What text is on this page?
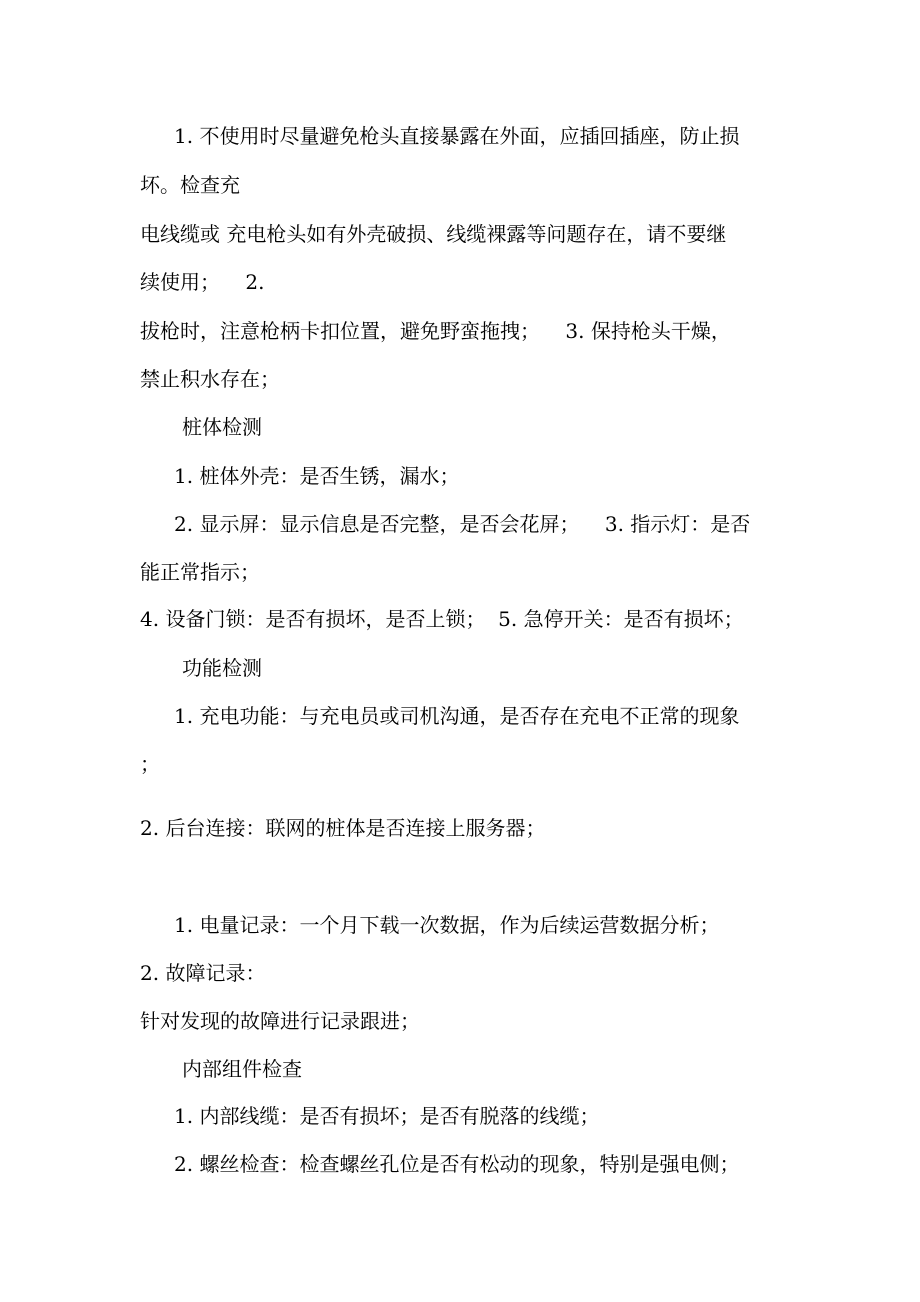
1. 不使用时尽量避免枪头直接暴露在外面，应插回插座，防止损
坏。检查充
电线缆或 充电枪头如有外壳破损、线缆裸露等问题存在，请不要继
续使用；    2.
拔枪时，注意枪柄卡扣位置，避免野蛮拖拽；    3. 保持枪头干燥，
禁止积水存在；
桩体检测
1. 桩体外壳：是否生锈，漏水；
2. 显示屏：显示信息是否完整，是否会花屏；    3. 指示灯：是否
能正常指示；
4. 设备门锁：是否有损坏，是否上锁；  5. 急停开关：是否有损坏；
功能检测
1. 充电功能：与充电员或司机沟通，是否存在充电不正常的现象
；
2. 后台连接：联网的桩体是否连接上服务器；
1. 电量记录：一个月下载一次数据，作为后续运营数据分析；
2. 故障记录：
针对发现的故障进行记录跟进；
内部组件检查
1. 内部线缆：是否有损坏；是否有脱落的线缆；
2. 螺丝检查：检查螺丝孔位是否有松动的现象，特别是强电侧；
